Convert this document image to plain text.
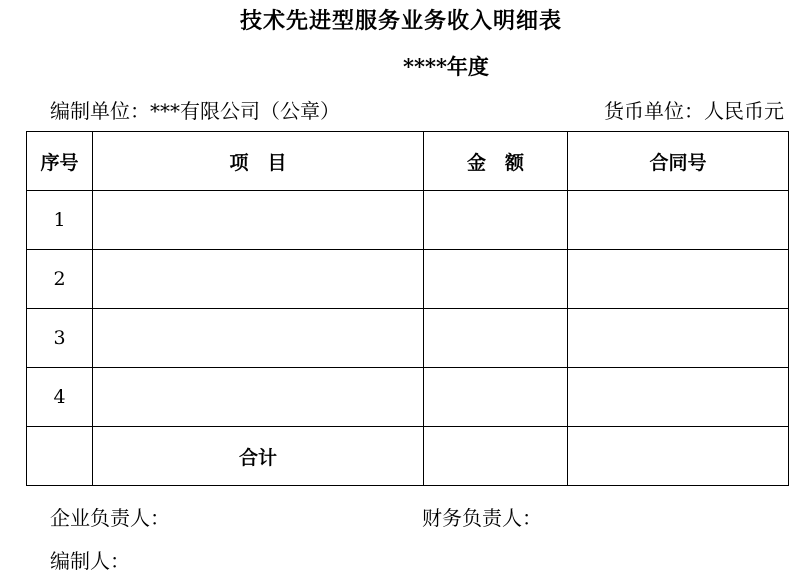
技术先进型服务业务收入明细表
****年度
编制单位：***有限公司（公章）	货币单位：人民币元
序号	项　目	金　额	合同号
1			
2			
3			
4			
	合计		
企业负责人：	财务负责人：
编制人：
